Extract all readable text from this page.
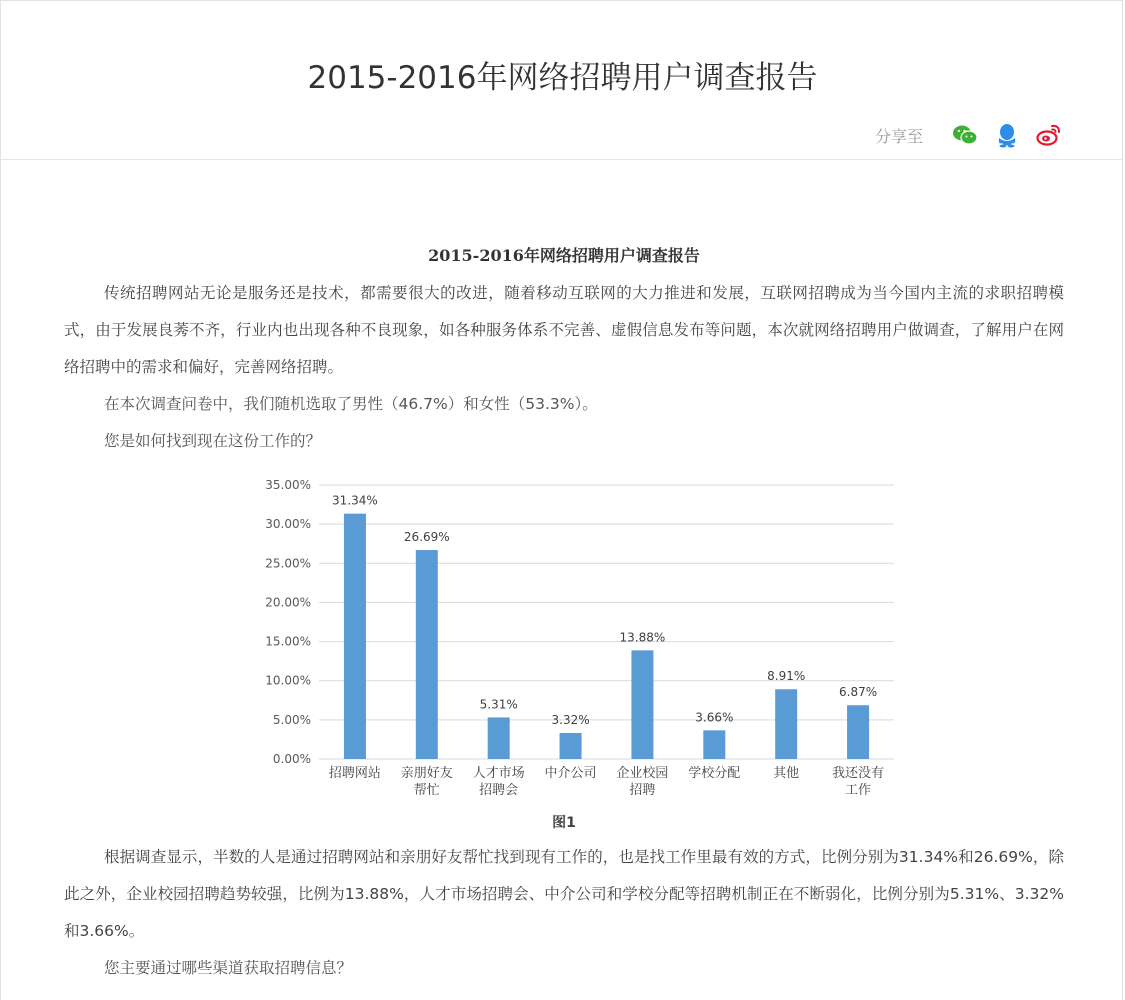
2015-2016年网络招聘用户调查报告
分享至
2015-2016年网络招聘用户调查报告

传统招聘网站无论是服务还是技术，都需要很大的改进，随着移动互联网的大力推进和发展，互联网招聘成为当今国内主流的求职招聘模式，由于发展良莠不齐，行业内也出现各种不良现象，如各种服务体系不完善、虚假信息发布等问题，本次就网络招聘用户做调查，了解用户在网络招聘中的需求和偏好，完善网络招聘。

在本次调查问卷中，我们随机选取了男性（46.7%）和女性（53.3%）。

您是如何找到现在这份工作的？

0.00%
5.00%
10.00%
15.00%
20.00%
25.00%
30.00%
35.00%
31.34%
招聘网站
26.69%
亲朋好友
帮忙
5.31%
人才市场
招聘会
3.32%
中介公司
13.88%
企业校园
招聘
3.66%
学校分配
8.91%
其他
6.87%
我还没有
工作
图1

根据调查显示，半数的人是通过招聘网站和亲朋好友帮忙找到现有工作的，也是找工作里最有效的方式，比例分别为31.34%和26.69%，除此之外，企业校园招聘趋势较强，比例为13.88%，人才市场招聘会、中介公司和学校分配等招聘机制正在不断弱化，比例分别为5.31%、3.32%和3.66%。

您主要通过哪些渠道获取招聘信息？
